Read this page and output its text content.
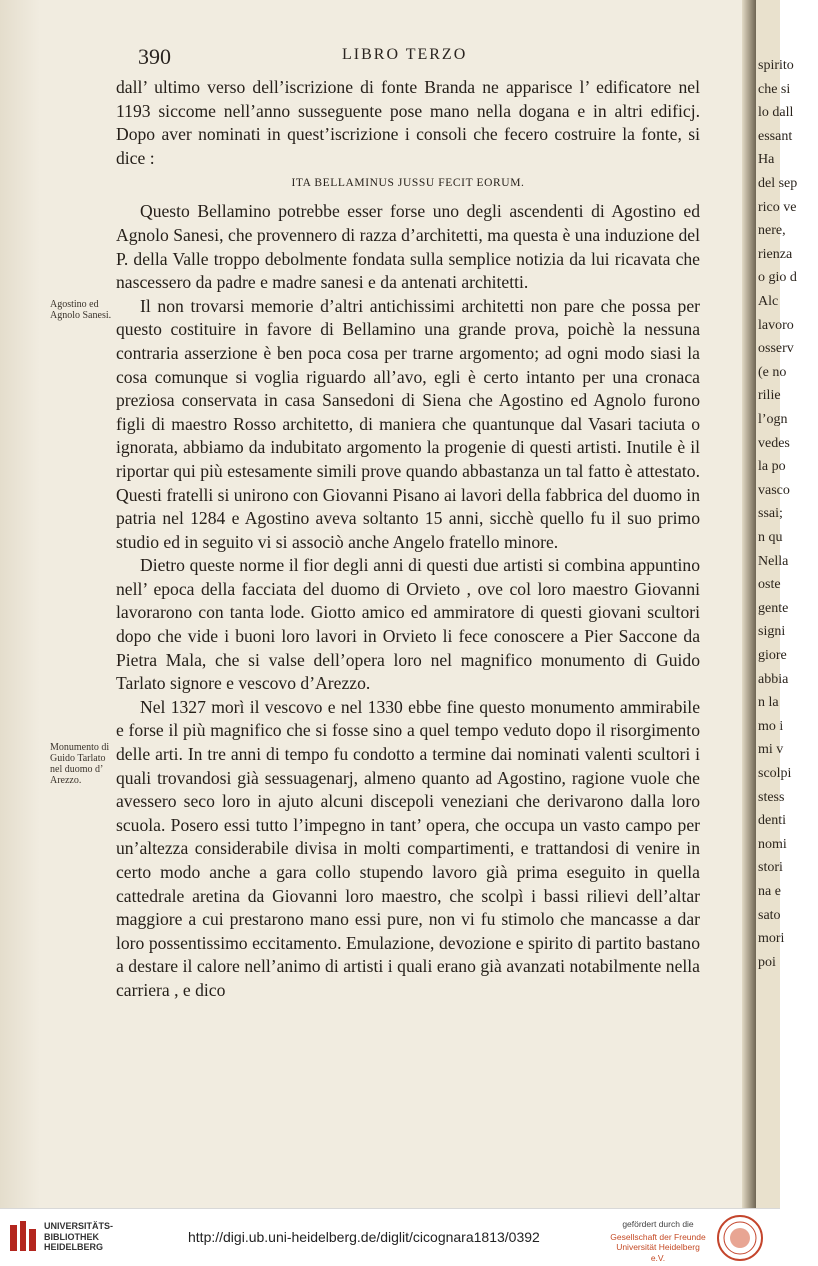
390	LIBRO TERZO

dall’ ultimo verso dell’iscrizione di fonte Branda ne apparisce l’ edificatore nel 1193 siccome nell’anno susseguente pose mano nella dogana e in altri edificj. Dopo aver nominati in quest’iscrizione i consoli che fecero costruire la fonte, si dice :

ITA BELLAMINUS JUSSU FECIT EORUM.

Questo Bellamino potrebbe esser forse uno degli ascendenti di Agostino ed Agnolo Sanesi, che provennero di razza d’architetti, ma questa è una induzione del P. della Valle troppo debolmente fondata sulla semplice notizia da lui ricavata che nascessero da padre e madre sanesi e da antenati architetti.

Il non trovarsi memorie d’altri antichissimi architetti non pare che possa per questo costituire in favore di Bellamino una grande prova, poichè la nessuna contraria asserzione è ben poca cosa per trarne argomento; ad ogni modo siasi la cosa comunque si voglia riguardo all’avo, egli è certo intanto per una cronaca preziosa conservata in casa Sansedoni di Siena che Agostino ed Agnolo furono figli di maestro Rosso architetto, di maniera che quantunque dal Vasari taciuta o ignorata, abbiamo da indubitato argomento la progenie di questi artisti. Inutile è il riportar qui più estesamente simili prove quando abbastanza un tal fatto è attestato. Questi fratelli si unirono con Giovanni Pisano ai lavori della fabbrica del duomo in patria nel 1284 e Agostino aveva soltanto 15 anni, sicchè quello fu il suo primo studio ed in seguito vi si associò anche Angelo fratello minore.

Dietro queste norme il fior degli anni di questi due artisti si combina appuntino nell’ epoca della facciata del duomo di Orvieto , ove col loro maestro Giovanni lavorarono con tanta lode. Giotto amico ed ammiratore di questi giovani scultori dopo che vide i buoni loro lavori in Orvieto li fece conoscere a Pier Saccone da Pietra Mala, che si valse dell’opera loro nel magnifico monumento di Guido Tarlato signore e vescovo d’Arezzo.

Nel 1327 morì il vescovo e nel 1330 ebbe fine questo monumento ammirabile e forse il più magnifico che si fosse sino a quel tempo veduto dopo il risorgimento delle arti. In tre anni di tempo fu condotto a termine dai nominati valenti scultori i quali trovandosi già sessuagenarj, almeno quanto ad Agostino, ragione vuole che avessero seco loro in ajuto alcuni discepoli veneziani che derivarono dalla loro scuola. Posero essi tutto l’impegno in tant’ opera, che occupa un vasto campo per un’altezza considerabile divisa in molti compartimenti, e trattandosi di venire in certo modo anche a gara collo stupendo lavoro già prima eseguito in quella cattedrale aretina da Giovanni loro maestro, che scolpì i bassi rilievi dell’altar maggiore a cui prestarono mano essi pure, non vi fu stimolo che mancasse a dar loro possentissimo eccitamento. Emulazione, devozione e spirito di partito bastano a destare il calore nell’animo di artisti i quali erano già avanzati notabilmente nella carriera , e dico

Agostino ed Agnolo Sanesi.
Monumento di Guido Tarlato nel duomo d’ Arezzo.
spirito
che si
lo dall
essant
Ha
del sep
rico ve
nere,
rienza
o gio d
Alc
lavoro
osserv
(e no
rilie
l’ogn
vedes
la po
vasco
ssai;
n qu
Nella
oste
gente
signi
giore
abbia
n la
mo i
mi v
scolpi
stess
denti
nomi
stori
na e
sato
mori
poi
UNIVERSITÄTS-
BIBLIOTHEK
HEIDELBERG
http://digi.ub.uni-heidelberg.de/diglit/cicognara1813/0392
gefördert durch die
Gesellschaft der Freunde
Universität Heidelberg e.V.
